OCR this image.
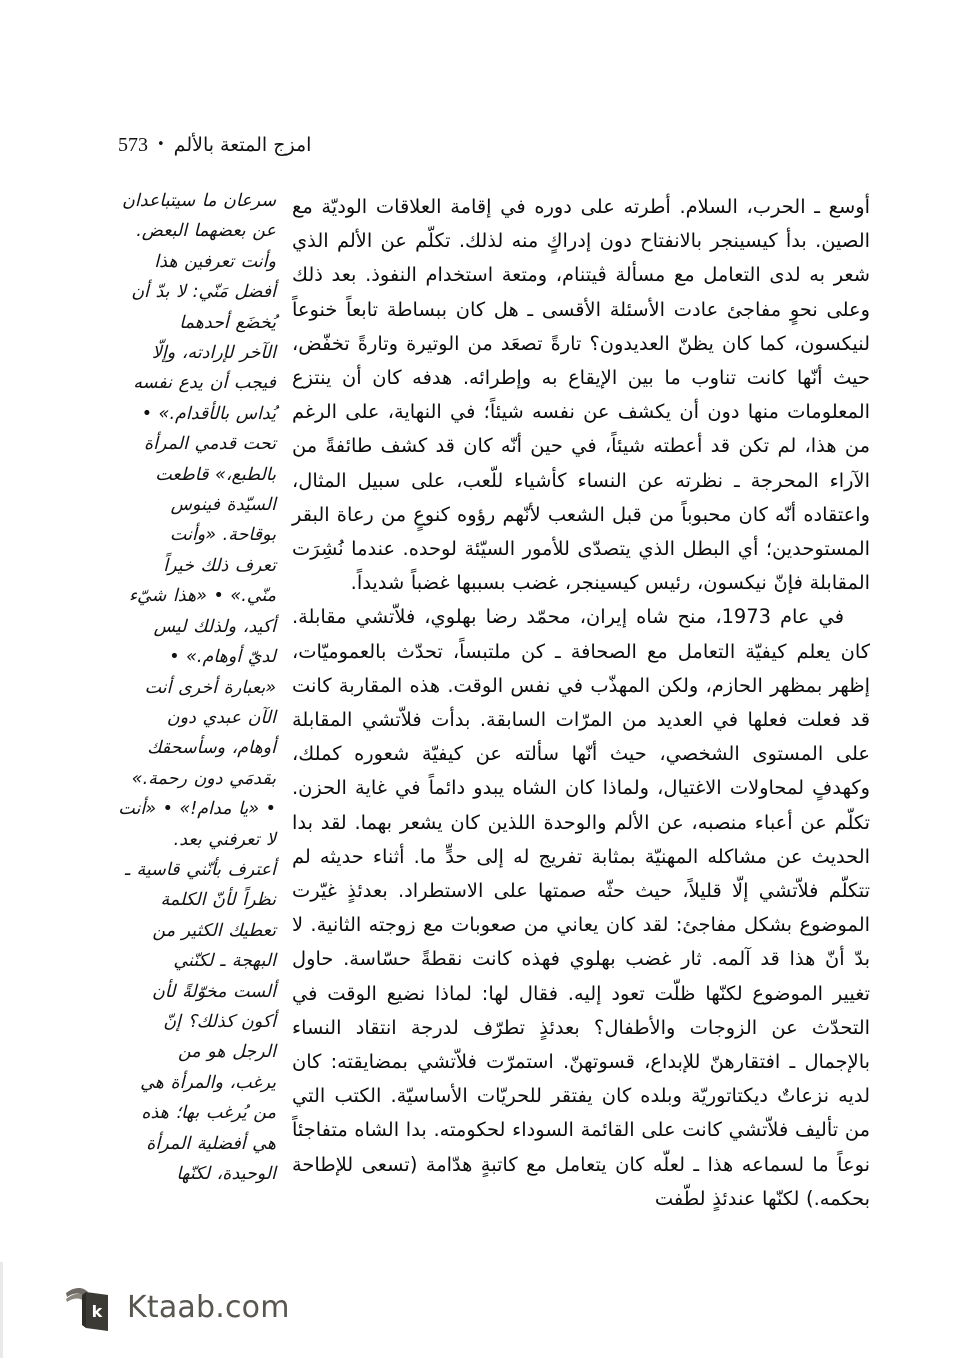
امزج المتعة بالألم•573
سرعان ما سيتباعدان
عن بعضهما البعض.
وأنت تعرفين هذا
أفضل مَنّي: لا بدّ أن
يُخضَع أحدهما
الآخر لإرادته، وإلّا
فيجب أن يدع نفسه
يُداس بالأقدام.» •
تحت قدمي المرأة
بالطبع،» قاطعت
السيّدة فينوس
بوقاحة. «وأنت
تعرف ذلك خيراً
منّي.» • «هذا شيّء
أكيد، ولذلك ليس
لديّ أوهام.» •
«بعبارة أخرى أنت
الآن عبدي دون
أوهام، وسأسحقك
بقدمَي دون رحمة.»
• «يا مدام!» • «أنت
لا تعرفني بعد.
أعترف بأنّني قاسية ـ
نظراً لأنّ الكلمة
تعطيك الكثير من
البهجة ـ لكنّني
ألست مخوّلةً لأن
أكون كذلك؟ إنّ
الرجل هو من
يرغب، والمرأة هي
من يُرغب بها؛ هذه
هي أفضلية المرأة
الوحيدة، لكنّها

أوسع ـ الحرب، السلام. أطرته على دوره في إقامة العلاقات الوديّة مع الصين. بدأ كيسينجر بالانفتاح دون إدراكٍ منه لذلك. تكلّم عن الألم الذي شعر به لدى التعامل مع مسألة ڤيتنام، ومتعة استخدام النفوذ. بعد ذلك وعلى نحوٍ مفاجئ عادت الأسئلة الأقسى ـ هل كان ببساطة تابعاً خنوعاً لنيكسون، كما كان يظنّ العديدون؟ تارةً تصعَد من الوتيرة وتارةً تخفّض، حيث أنّها كانت تناوب ما بين الإيقاع به وإطرائه. هدفه كان أن ينتزع المعلومات منها دون أن يكشف عن نفسه شيئاً؛ في النهاية، على الرغم من هذا، لم تكن قد أعطته شيئاً، في حين أنّه كان قد كشف طائفةً من الآراء المحرجة ـ نظرته عن النساء كأشياء للّعب، على سبيل المثال، واعتقاده أنّه كان محبوباً من قبل الشعب لأنّهم رؤوه كنوعٍ من رعاة البقر المستوحدين؛ أي البطل الذي يتصدّى للأمور السيّئة لوحده. عندما نُشِرَت المقابلة فإنّ نيكسون، رئيس كيسينجر، غضب بسببها غضباً شديداً.

في عام 1973، منح شاه إيران، محمّد رضا بهلوي، فلاّتشي مقابلة. كان يعلم كيفيّة التعامل مع الصحافة ـ كن ملتبساً، تحدّث بالعموميّات، إظهر بمظهر الحازم، ولكن المهذّب في نفس الوقت. هذه المقاربة كانت قد فعلت فعلها في العديد من المرّات السابقة. بدأت فلاّتشي المقابلة على المستوى الشخصي، حيث أنّها سألته عن كيفيّة شعوره كملك، وكهدفٍ لمحاولات الاغتيال، ولماذا كان الشاه يبدو دائماً في غاية الحزن. تكلّم عن أعباء منصبه، عن الألم والوحدة اللذين كان يشعر بهما. لقد بدا الحديث عن مشاكله المهنيّة بمثابة تفريج له إلى حدٍّ ما. أثناء حديثه لم تتكلّم فلاّتشي إلّا قليلاً، حيث حثّه صمتها على الاستطراد. بعدئذٍ غيّرت الموضوع بشكل مفاجئ: لقد كان يعاني من صعوبات مع زوجته الثانية. لا بدّ أنّ هذا قد آلمه. ثار غضب بهلوي فهذه كانت نقطةً حسّاسة. حاول تغيير الموضوع لكنّها ظلّت تعود إليه. فقال لها: لماذا نضيع الوقت في التحدّث عن الزوجات والأطفال؟ بعدئذٍ تطرّف لدرجة انتقاد النساء بالإجمال ـ افتقارهنّ للإبداع، قسوتهنّ. استمرّت فلاّتشي بمضايقته: كان لديه نزعاتٌ ديكتاتوريّة وبلده كان يفتقر للحريّات الأساسيّة. الكتب التي من تأليف فلاّتشي كانت على القائمة السوداء لحكومته. بدا الشاه متفاجئاً نوعاً ما لسماعه هذا ـ لعلّه كان يتعامل مع كاتبةٍ هدّامة (تسعى للإطاحة بحكمه.) لكنّها عندئذٍ لطّفت

k Ktaab.com
